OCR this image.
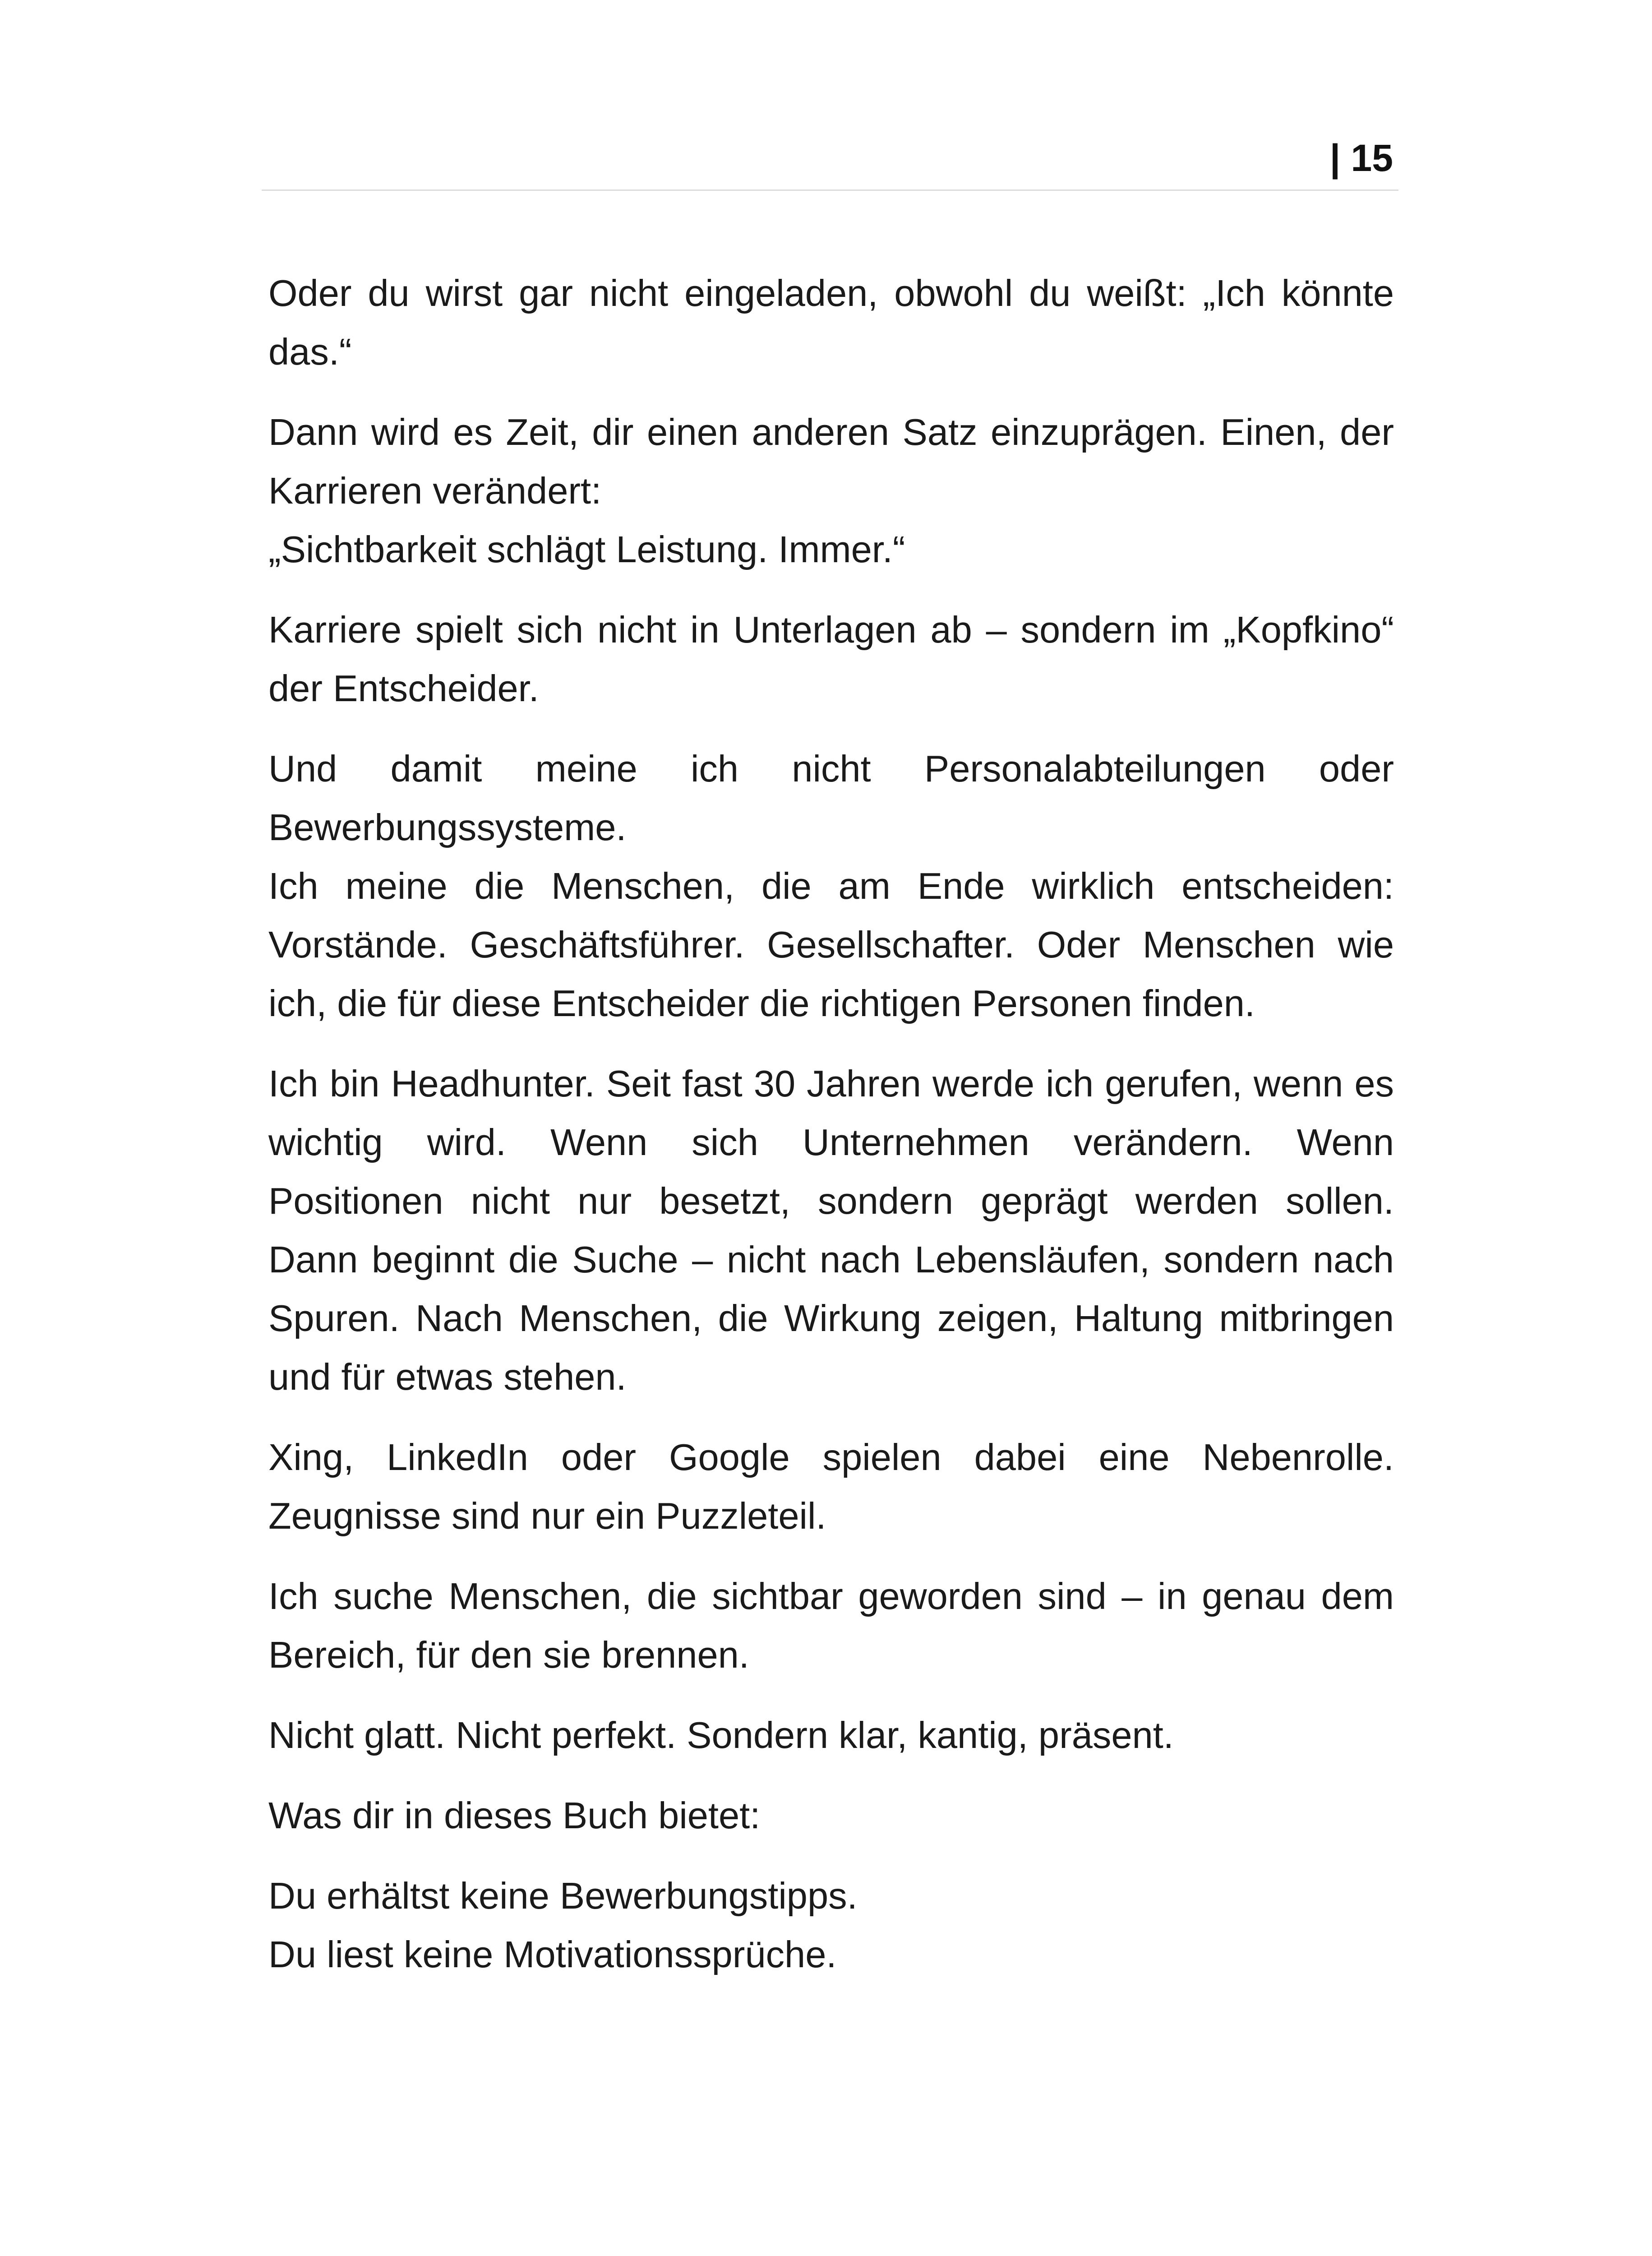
| 15

Oder du wirst gar nicht eingeladen, obwohl du weißt: „Ich könnte
das.“

Dann wird es Zeit, dir einen anderen Satz einzuprägen. Einen, der
Karrieren verändert:
„Sichtbarkeit schlägt Leistung. Immer.“

Karriere spielt sich nicht in Unterlagen ab – sondern im „Kopfkino“
der Entscheider.

Und damit meine ich nicht Personalabteilungen oder
Bewerbungssysteme.
Ich meine die Menschen, die am Ende wirklich entscheiden:
Vorstände. Geschäftsführer. Gesellschafter. Oder Menschen wie
ich, die für diese Entscheider die richtigen Personen finden.

Ich bin Headhunter. Seit fast 30 Jahren werde ich gerufen, wenn es
wichtig wird. Wenn sich Unternehmen verändern. Wenn
Positionen nicht nur besetzt, sondern geprägt werden sollen.
Dann beginnt die Suche – nicht nach Lebensläufen, sondern nach
Spuren. Nach Menschen, die Wirkung zeigen, Haltung mitbringen
und für etwas stehen.

Xing, LinkedIn oder Google spielen dabei eine Nebenrolle.
Zeugnisse sind nur ein Puzzleteil.

Ich suche Menschen, die sichtbar geworden sind – in genau dem
Bereich, für den sie brennen.

Nicht glatt. Nicht perfekt. Sondern klar, kantig, präsent.

Was dir in dieses Buch bietet:

Du erhältst keine Bewerbungstipps.
Du liest keine Motivationssprüche.
